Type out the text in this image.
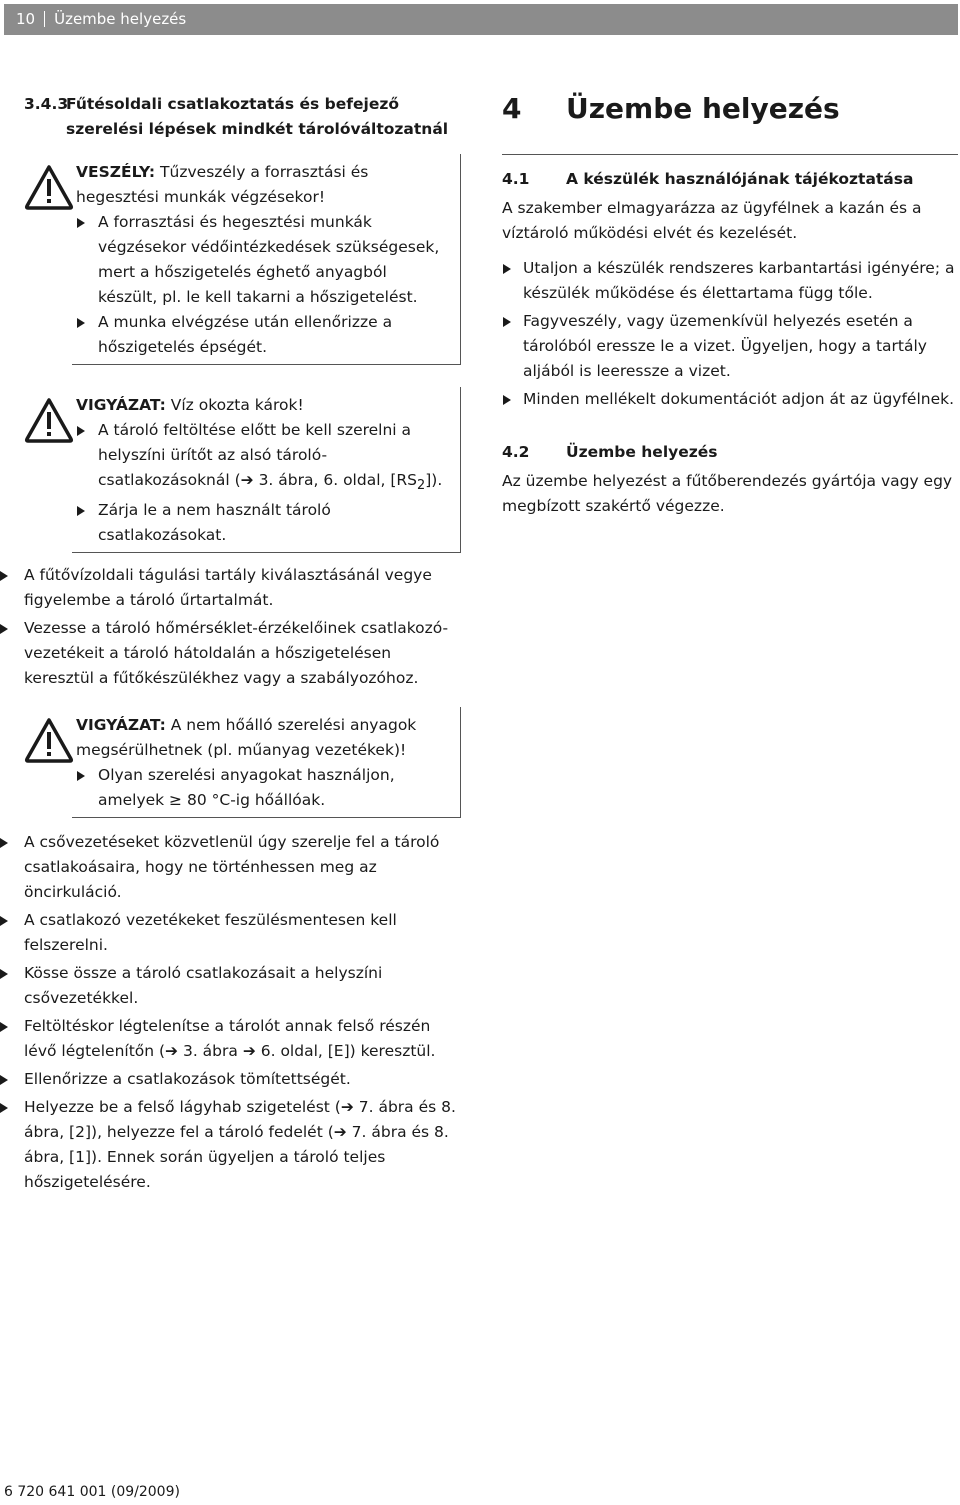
10 Üzembe helyezés
3.4.3
Fűtésoldali csatlakoztatás és befejező szerelési lépések mindkét tárolóváltozatnál
VESZÉLY: Tűzveszély a forrasztási és hegesztési munkák végzésekor!
A forrasztási és hegesztési munkák végzésekor védőintézkedések szükségesek, mert a hőszigetelés éghető anyagból készült, pl. le kell takarni a hőszigetelést.
A munka elvégzése után ellenőrizze a hőszigetelés épségét.
VIGYÁZAT: Víz okozta károk!
A tároló feltöltése előtt be kell szerelni a helyszíni ürítőt az alsó tároló-csatlakozásoknál (➔ 3. ábra, 6. oldal, $[RS_2]$).
Zárja le a nem használt tároló csatlakozásokat.
A fűtővízoldali tágulási tartály kiválasztásánál vegye figyelembe a tároló űrtartalmát.
Vezesse a tároló hőmérséklet-érzékelőinek csatlakozó-vezetékeit a tároló hátoldalán a hőszigetelésen keresztül a fűtőkészülékhez vagy a szabályozóhoz.
VIGYÁZAT: A nem hőálló szerelési anyagok megsérülhetnek (pl. műanyag vezetékek)!
Olyan szerelési anyagokat használjon, amelyek ≥ 80 °C-ig hőállóak.
A csővezetéseket közvetlenül úgy szerelje fel a tároló csatlakoásaira, hogy ne történhessen meg az öncirkuláció.
A csatlakozó vezetékeket feszülésmentesen kell felszerelni.
Kösse össze a tároló csatlakozásait a helyszíni csővezetékkel.
Feltöltéskor légtelenítse a tárolót annak felső részén lévő légtelenítőn (➔ 3. ábra ➔ 6. oldal, [E]) keresztül.
Ellenőrizze a csatlakozások tömítettségét.
Helyezze be a felső lágyhab szigetelést (➔ 7. ábra és 8. ábra, [2]), helyezze fel a tároló fedelét (➔ 7. ábra és 8. ábra, [1]). Ennek során ügyeljen a tároló teljes hőszigetelésére.
4	Üzembe helyezés
4.1	A készülék használójának tájékoztatása
A szakember elmagyarázza az ügyfélnek a kazán és a víztároló működési elvét és kezelését.
Utaljon a készülék rendszeres karbantartási igényére; a készülék működése és élettartama függ tőle.
Fagyveszély, vagy üzemenkívül helyezés esetén a tárolóból eressze le a vizet. Ügyeljen, hogy a tartály aljából is leeressze a vizet.
Minden mellékelt dokumentációt adjon át az ügyfélnek.
4.2	Üzembe helyezés
Az üzembe helyezést a fűtőberendezés gyártója vagy egy megbízott szakértő végezze.
6 720 641 001 (09/2009)
